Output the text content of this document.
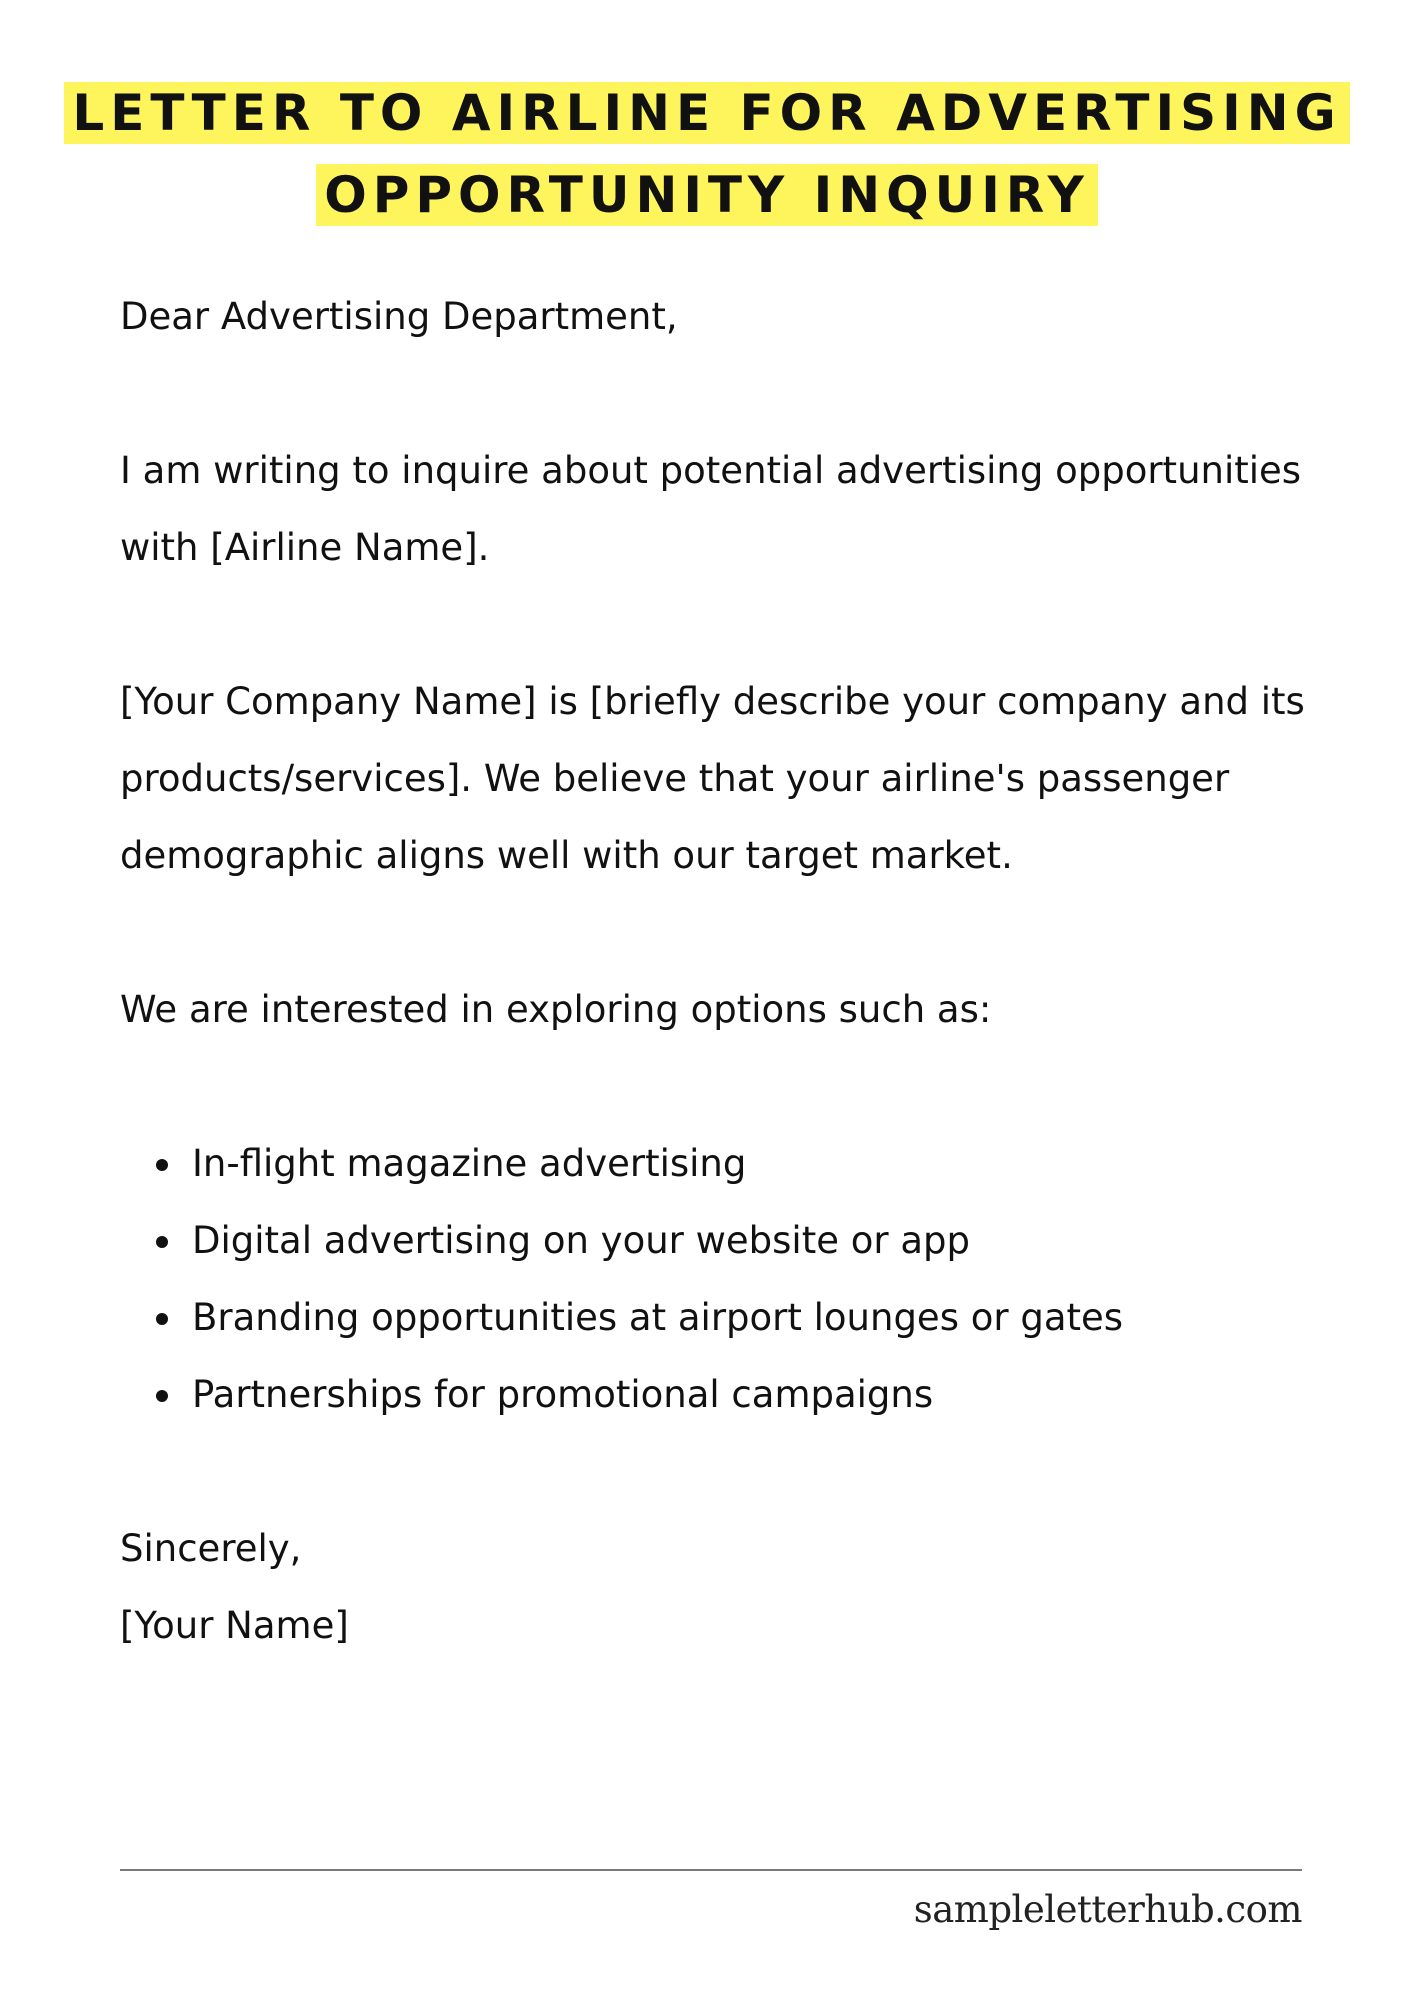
LETTER TO AIRLINE FOR ADVERTISING OPPORTUNITY INQUIRY

Dear Advertising Department,

I am writing to inquire about potential advertising opportunities with [Airline Name].

[Your Company Name] is [briefly describe your company and its products/services]. We believe that your airline's passenger demographic aligns well with our target market.

We are interested in exploring options such as:

In-flight magazine advertising
Digital advertising on your website or app
Branding opportunities at airport lounges or gates
Partnerships for promotional campaigns

Sincerely,

[Your Name]

sampleletterhub.com
